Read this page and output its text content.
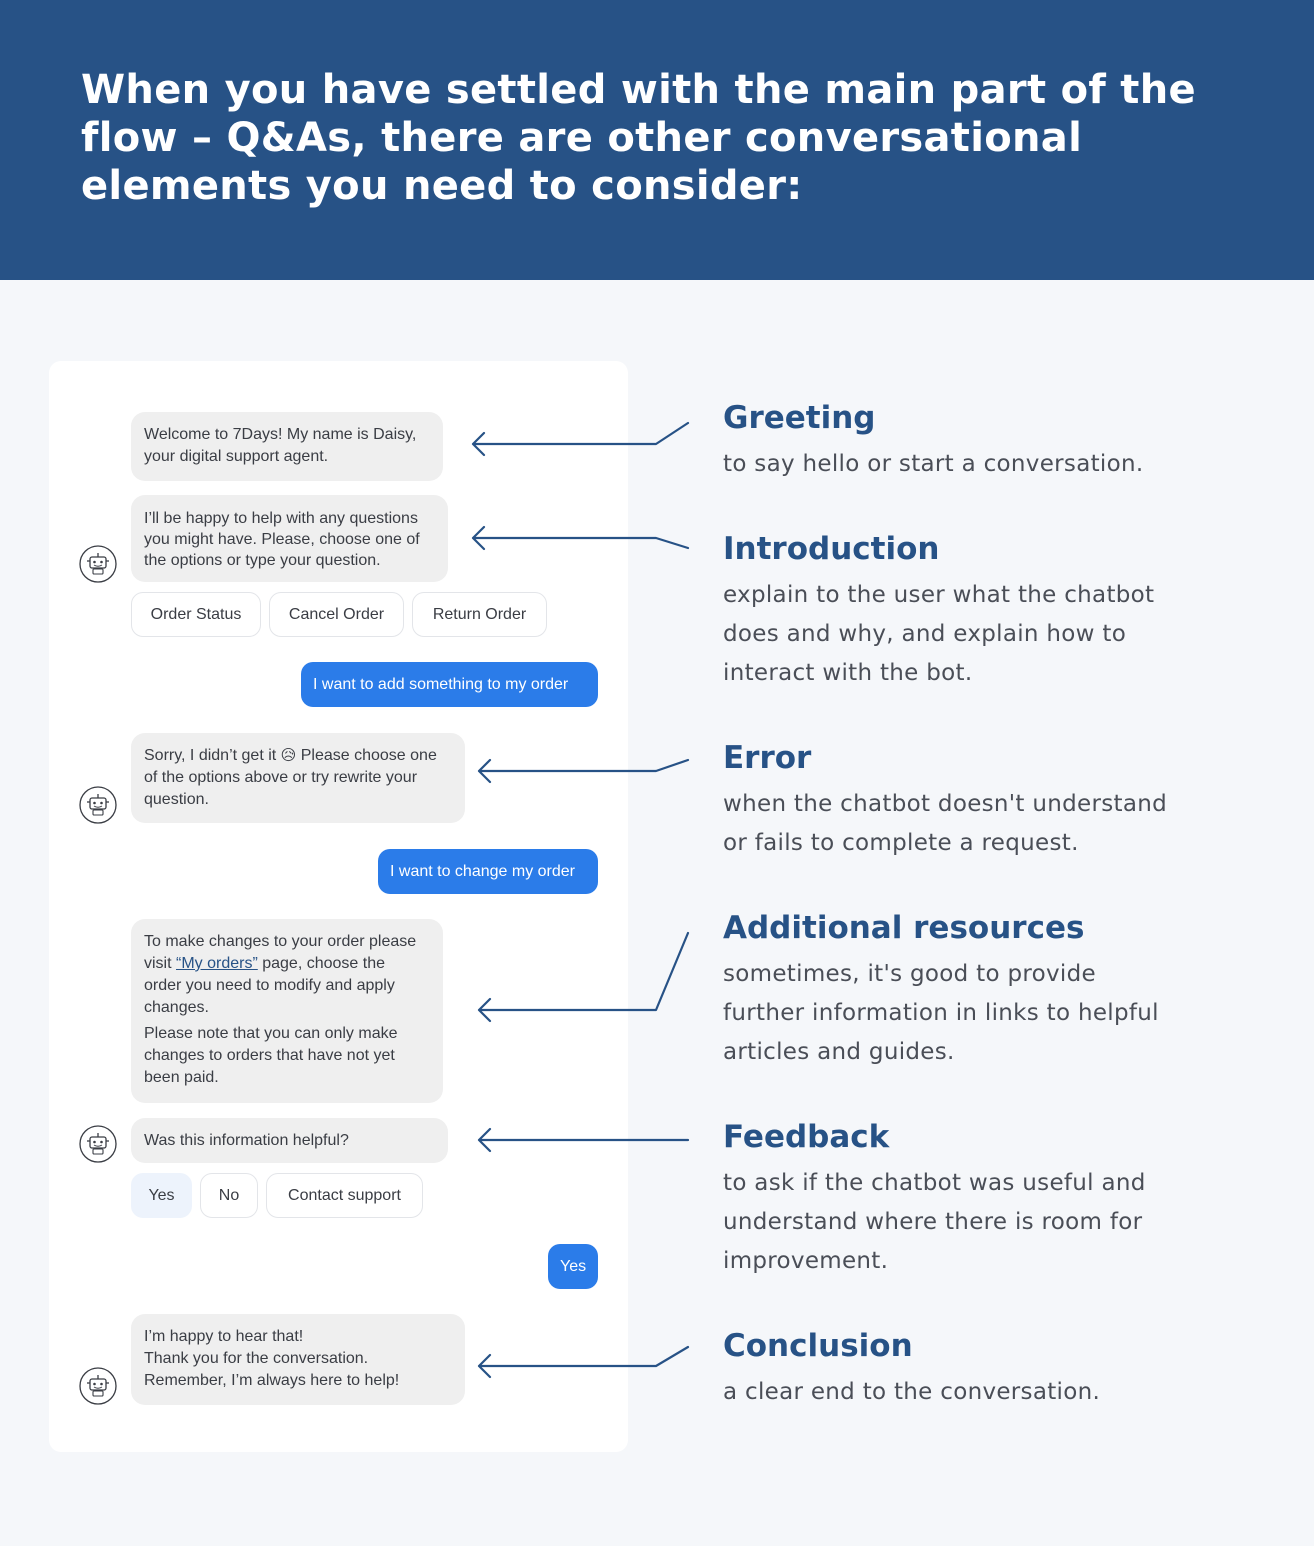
When you have settled with the main part of the flow – Q&As, there are other conversational elements you need to consider:
Welcome to 7Days! My name is Daisy,
your digital support agent.
I’ll be happy to help with any questions
you might have. Please, choose one of
the options or type your question.
Order Status	Cancel Order	Return Order
I want to add something to my order
Sorry, I didn’t get it 😥 Please choose one
of the options above or try rewrite your
question.
I want to change my order
To make changes to your order please
visit “My orders” page, choose the
order you need to modify and apply
changes.
Please note that you can only make
changes to orders that have not yet
been paid.
Was this information helpful?
Yes	No	Contact support
Yes
I’m happy to hear that!
Thank you for the conversation.
Remember, I’m always here to help!
Greeting

to say hello or start a conversation.

Introduction

explain to the user what the chatbot
does and why, and explain how to
interact with the bot.

Error

when the chatbot doesn't understand
or fails to complete a request.

Additional resources

sometimes, it's good to provide
further information in links to helpful
articles and guides.

Feedback

to ask if the chatbot was useful and
understand where there is room for
improvement.

Conclusion

a clear end to the conversation.
